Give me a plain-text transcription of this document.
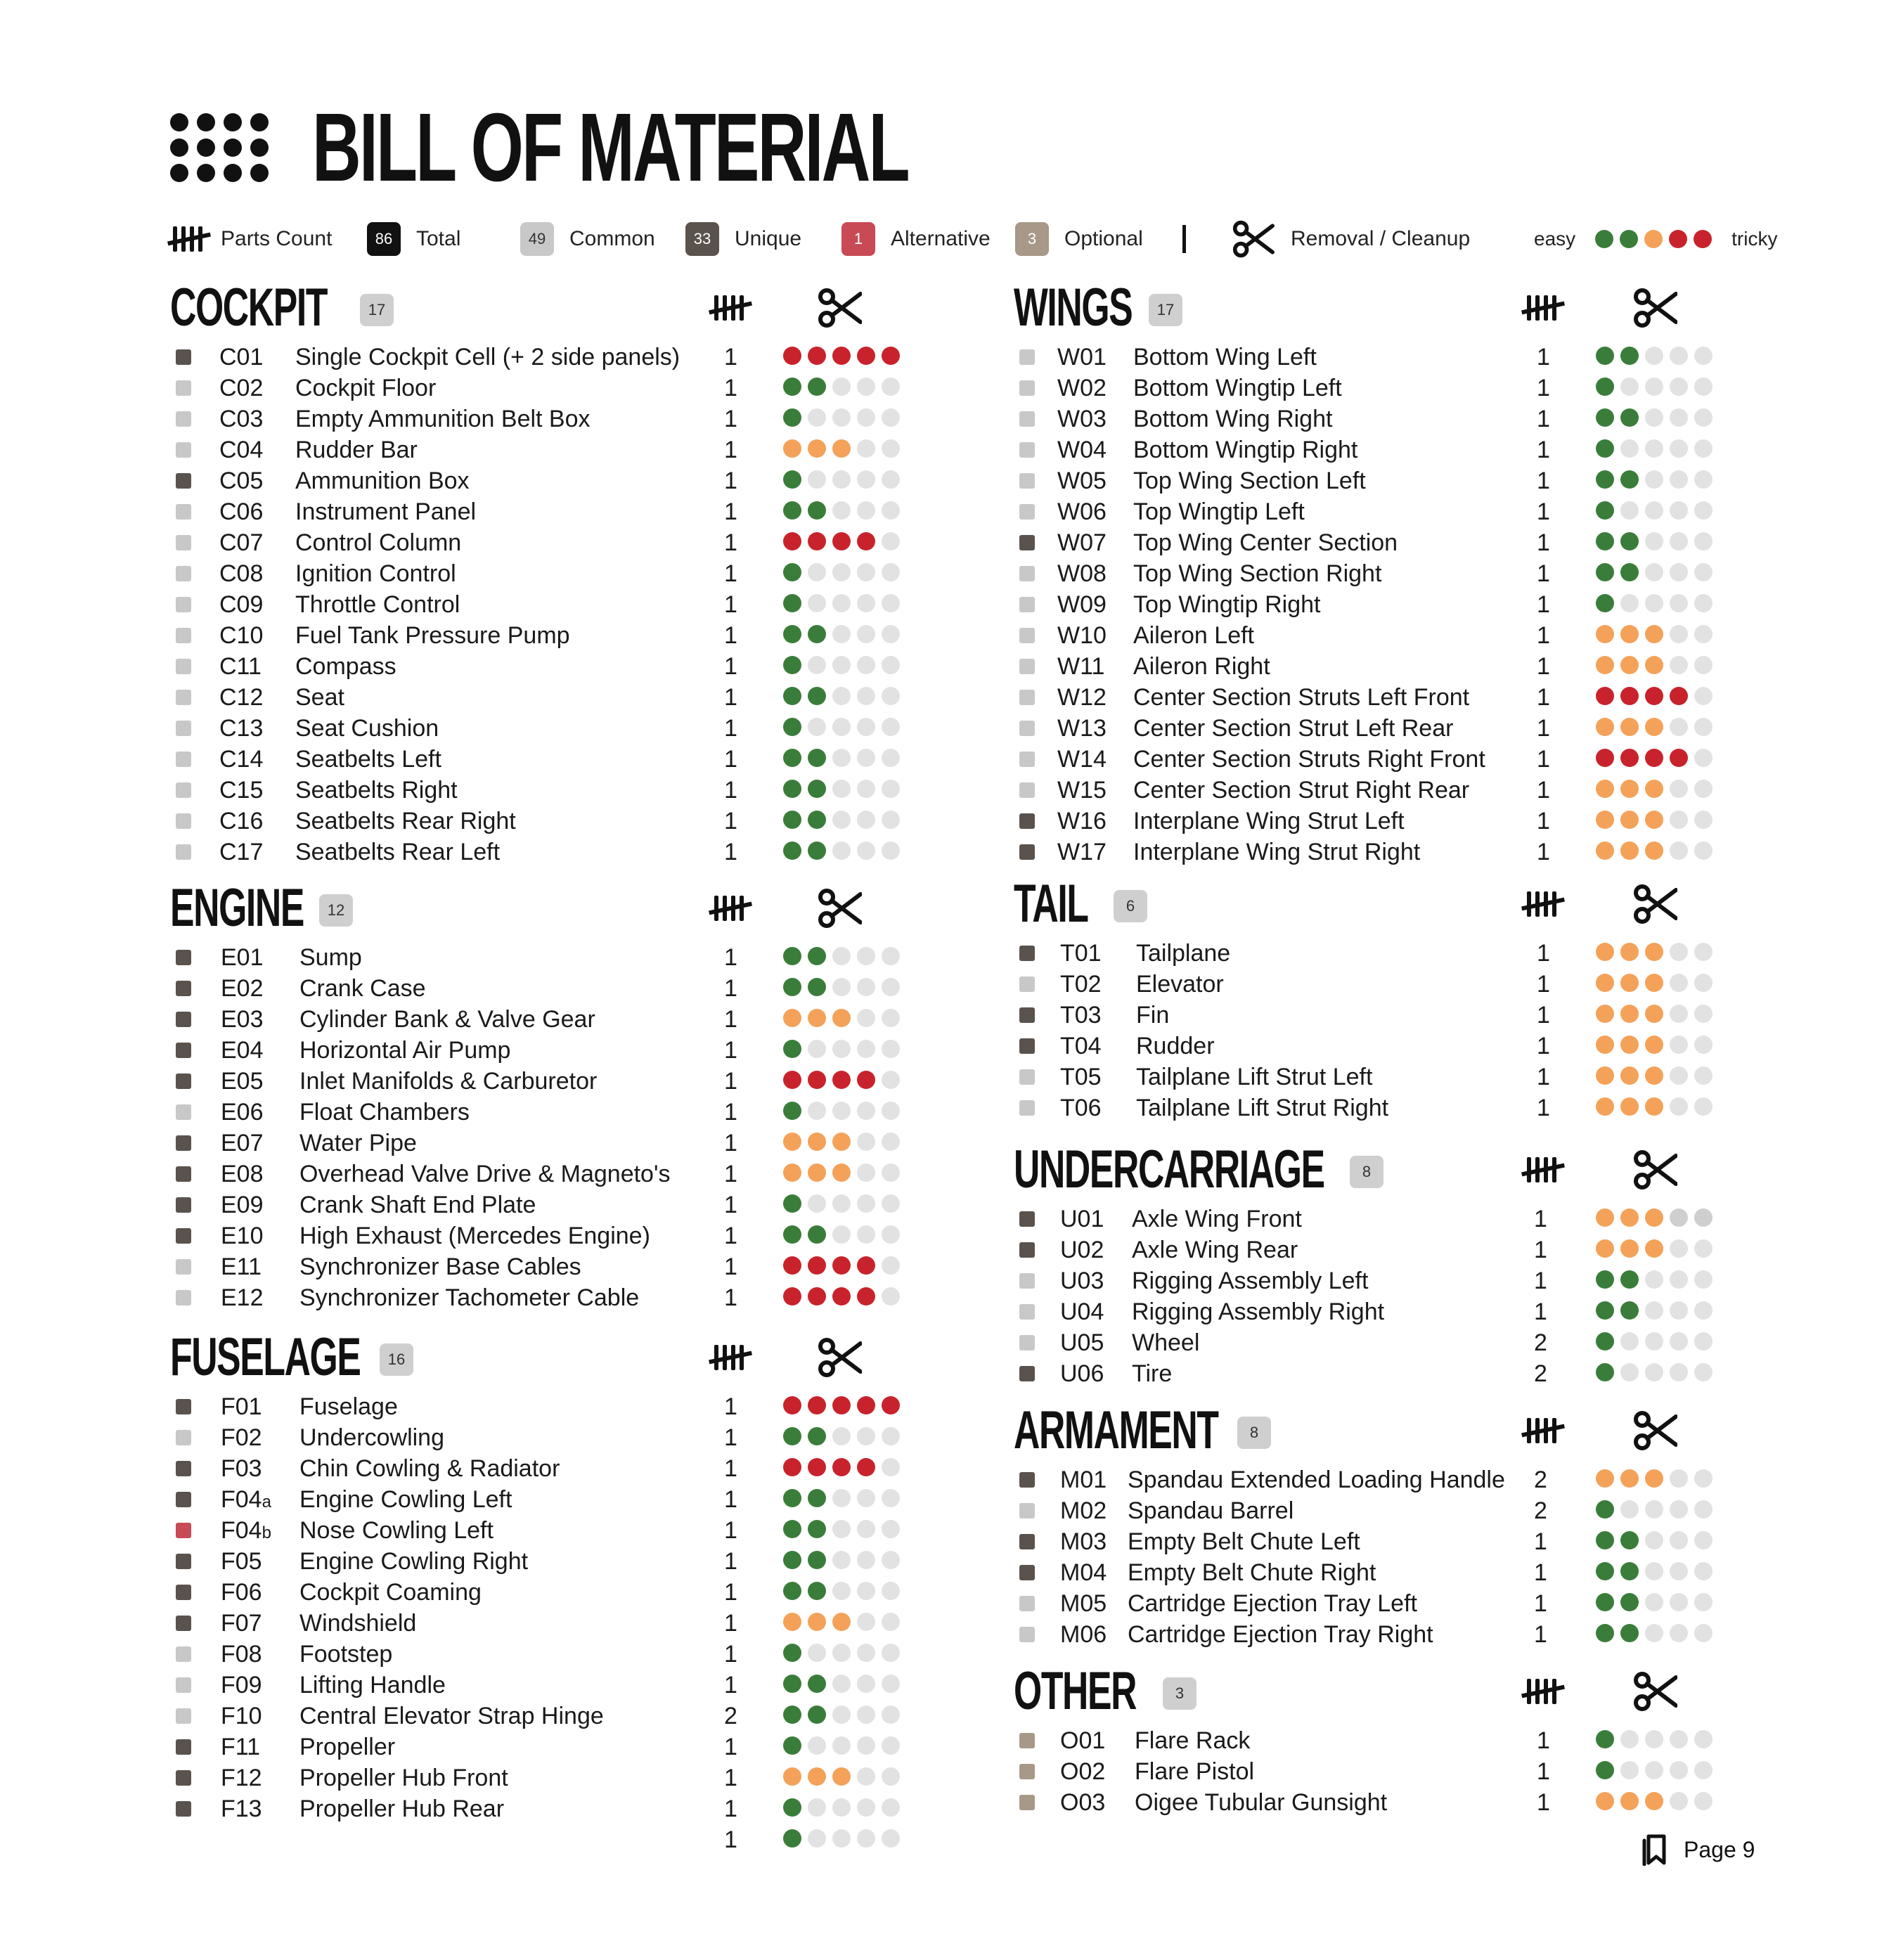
BILL OF MATERIAL
Parts Count	86	Total	49	Common	33	Unique	1	Alternative	3	Optional	Removal / Cleanup	easy	tricky
COCKPIT	17
C01 Single Cockpit Cell (+ 2 side panels) 1
C02 Cockpit Floor	1
C03 Empty Ammunition Belt Box	1
C04 Rudder Bar	1
C05 Ammunition Box	1
C06 Instrument Panel	1
C07 Control Column	1
C08 Ignition Control	1
C09 Throttle Control	1
C10 Fuel Tank Pressure Pump	1
C11 Compass	1
C12 Seat	1
C13 Seat Cushion	1
C14 Seatbelts Left	1
C15 Seatbelts Right	1
C16 Seatbelts Rear Right	1
C17 Seatbelts Rear Left	1
ENGINE	12
E01 Sump	1
E02 Crank Case	1
E03 Cylinder Bank & Valve Gear	1
E04 Horizontal Air Pump	1
E05 Inlet Manifolds & Carburetor	1
E06 Float Chambers	1
E07 Water Pipe	1
E08 Overhead Valve Drive & Magneto's 1
E09 Crank Shaft End Plate	1
E10 High Exhaust (Mercedes Engine)	1
E11 Synchronizer Base Cables	1
E12 Synchronizer Tachometer Cable	1
FUSELAGE	16
F01 Fuselage	1
F02 Undercowling	1
F03 Chin Cowling & Radiator	1
F04a Engine Cowling Left	1
F04b Nose Cowling Left	1
F05 Engine Cowling Right	1
F06 Cockpit Coaming	1
F07 Windshield	1
F08 Footstep	1
F09 Lifting Handle	1
F10 Central Elevator Strap Hinge	2
F11 Propeller	1
F12 Propeller Hub Front	1
F13 Propeller Hub Rear	1
1
WINGS	17
W01 Bottom Wing Left	1
W02 Bottom Wingtip Left	1
W03 Bottom Wing Right	1
W04 Bottom Wingtip Right	1
W05 Top Wing Section Left	1
W06 Top Wingtip Left	1
W07 Top Wing Center Section	1
W08 Top Wing Section Right	1
W09 Top Wingtip Right	1
W10 Aileron Left	1
W11 Aileron Right	1
W12 Center Section Struts Left Front	1
W13 Center Section Strut Left Rear	1
W14 Center Section Struts Right Front 1
W15 Center Section Strut Right Rear	1
W16 Interplane Wing Strut Left	1
W17 Interplane Wing Strut Right	1
TAIL	6
T01 Tailplane	1
T02 Elevator	1
T03 Fin	1
T04 Rudder	1
T05 Tailplane Lift Strut Left	1
T06 Tailplane Lift Strut Right	1
UNDERCARRIAGE	8
U01 Axle Wing Front	1
U02 Axle Wing Rear	1
U03 Rigging Assembly Left	1
U04 Rigging Assembly Right	1
U05 Wheel	2
U06 Tire	2
ARMAMENT	8
M01 Spandau Extended Loading Handle 2
M02 Spandau Barrel	2
M03 Empty Belt Chute Left	1
M04 Empty Belt Chute Right	1
M05 Cartridge Ejection Tray Left	1
M06 Cartridge Ejection Tray Right	1
OTHER	3
O01 Flare Rack	1
O02 Flare Pistol	1
O03 Oigee Tubular Gunsight	1
Page 9
